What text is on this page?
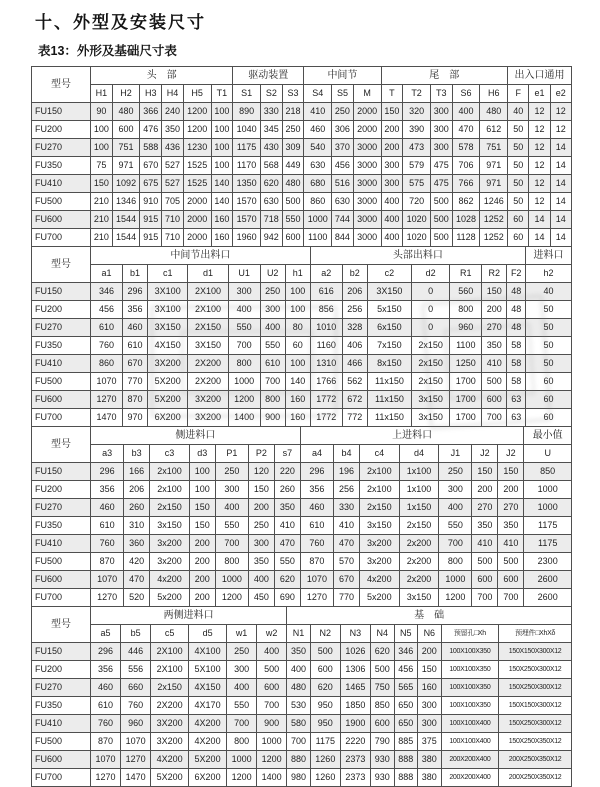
十、外型及安装尺寸
表13：外形及基础尺寸表
型号	头　部						驱动装置			中间节			尾　部					出入口通用		
	H1	H2	H3	H4	H5	T1	S1	S2	S3	S4	S5	M	T	T2	T3	S6	H6	F	e1	e2
FU150	90	480	366	240	1200	100	890	330	218	410	250	2000	150	320	300	400	480	40	12	12
FU200	100	600	476	350	1200	100	1040	345	250	460	306	2000	200	390	300	470	612	50	12	12
FU270	100	751	588	436	1230	100	1175	430	309	540	370	3000	200	473	300	578	751	50	12	14
FU350	75	971	670	527	1525	100	1170	568	449	630	456	3000	300	579	475	706	971	50	12	14
FU410	150	1092	675	527	1525	140	1350	620	480	680	516	3000	300	575	475	766	971	50	12	14
FU500	210	1346	910	705	2000	140	1570	630	500	860	630	3000	400	720	500	862	1246	50	12	14
FU600	210	1544	915	710	2000	160	1570	718	550	1000	744	3000	400	1020	500	1028	1252	60	14	14
FU700	210	1544	915	710	2000	160	1960	942	600	1100	844	3000	400	1020	500	1128	1252	60	14	14
型号	中间节出料口							头部出料口							进料口
	a1	b1	c1	d1	U1	U2	h1	a2	b2	c2	d2	R1	R2	F2	h2
FU150	346	296	3X100	2X100	300	250	100	616	206	3X150	0	560	150	48	40
FU200	456	356	3X100	2X100	400	300	100	856	256	5x150	0	800	200	48	50
FU270	610	460	3X150	2X150	550	400	80	1010	328	6x150	0	960	270	48	50
FU350	760	610	4X150	3X150	700	550	60	1160	406	7x150	2x150	1100	350	58	50
FU410	860	670	3X200	2X200	800	610	100	1310	466	8x150	2x150	1250	410	58	50
FU500	1070	770	5X200	2X200	1000	700	140	1766	562	11x150	2x150	1700	500	58	60
FU600	1270	870	5X200	3X200	1200	800	160	1772	672	11x150	3x150	1700	600	63	60
FU700	1470	970	6X200	3X200	1400	900	160	1772	772	11x150	3x150	1700	700	63	60
型号	侧进料口							上进料口							最小值
	a3	b3	c3	d3	P1	P2	s7	a4	b4	c4	d4	J1	J2	J2	U
FU150	296	166	2x100	100	250	120	220	296	196	2x100	1x100	250	150	150	850
FU200	356	206	2x100	100	300	150	260	356	256	2x100	1x100	300	200	200	1000
FU270	460	260	2x150	150	400	200	350	460	330	2x150	1x150	400	270	270	1000
FU350	610	310	3x150	150	550	250	410	610	410	3x150	2x150	550	350	350	1175
FU410	760	360	3x200	200	700	300	470	760	470	3x200	2x200	700	410	410	1175
FU500	870	420	3x200	200	800	350	550	870	570	3x200	2x200	800	500	500	2300
FU600	1070	470	4x200	200	1000	400	620	1070	670	4x200	2x200	1000	600	600	2600
FU700	1270	520	5x200	200	1200	450	690	1270	770	5x200	3x150	1200	700	700	2600
型号	两侧进料口						基　础							
	a5	b5	c5	d5	w1	w2	N1	N2	N3	N4	N5	N6	预留孔□Xh	预埋件□XhXδ
FU150	296	446	2X100	4X100	250	400	350	500	1026	620	346	200	100X100X350	150X150X300X12
FU200	356	556	2X100	5X100	300	500	400	600	1306	500	456	150	100X100X350	150X250X300X12
FU270	460	660	2x150	4X150	400	600	480	620	1465	750	565	160	100X100X350	150X250X300X12
FU350	610	760	2X200	4X170	550	700	530	950	1850	850	650	300	100X100X350	150X150X300X12
FU410	760	960	3X200	4X200	700	900	580	950	1900	600	650	300	100X100X400	150X250X300X12
FU500	870	1070	3X200	4X200	800	1000	700	1175	2220	790	885	375	100X100X400	150X250X350X12
FU600	1070	1270	4X200	5X200	1000	1200	880	1260	2373	930	888	380	200X200X400	200X250X350X12
FU700	1270	1470	5X200	6X200	1200	1400	980	1260	2373	930	888	380	200X200X400	200X250X350X12
